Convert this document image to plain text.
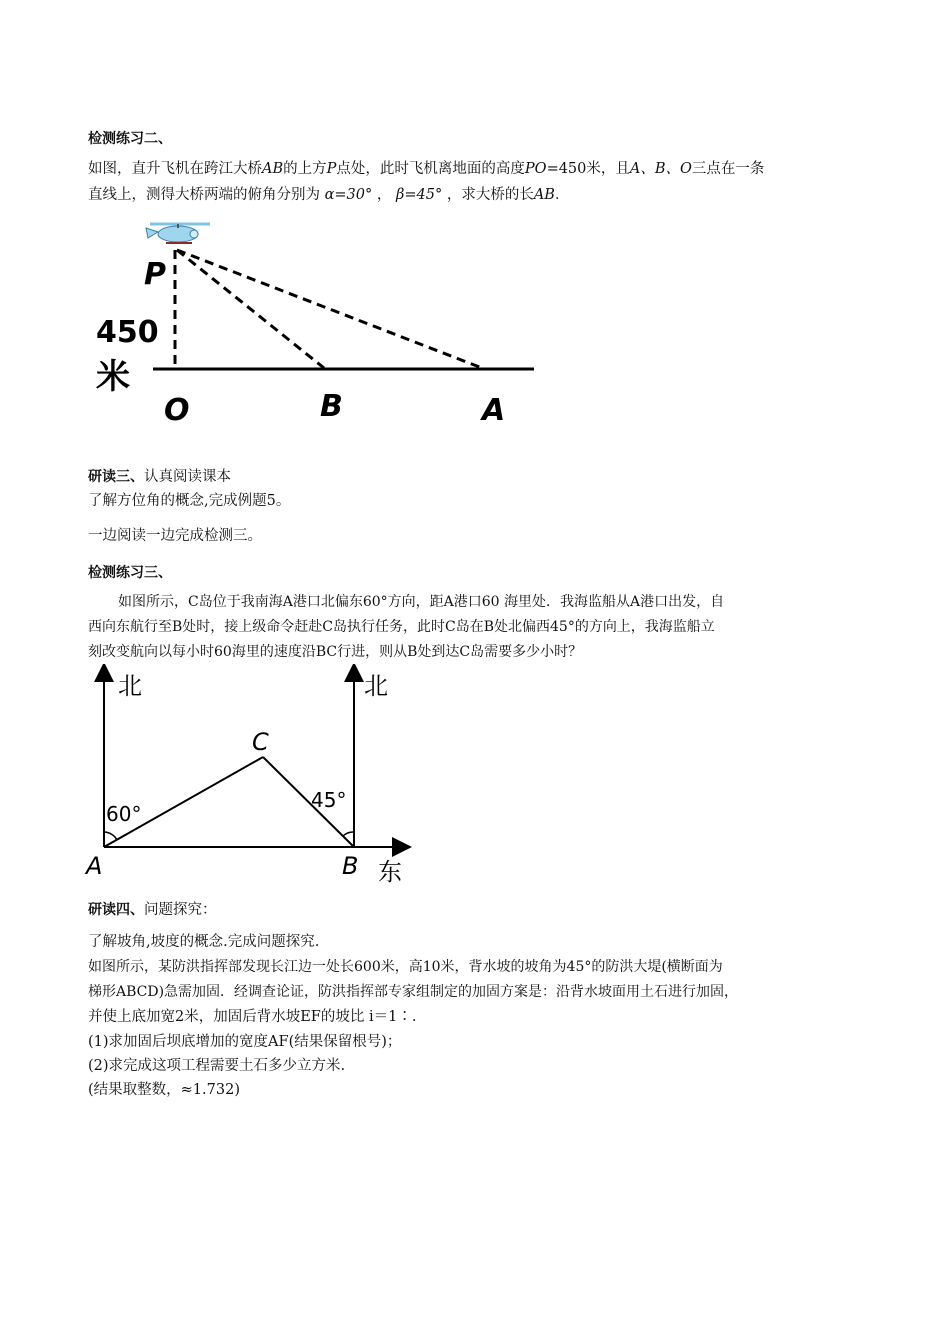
检测练习二、
如图，直升飞机在跨江大桥AB的上方P点处，此时飞机离地面的高度PO=450米，且A、B、O三点在一条
直线上，测得大桥两端的俯角分别为 α=30° ， β=45° ，求大桥的长AB．
P
450
米
O	B	A
研读三、认真阅读课本
了解方位角的概念,完成例题5。
一边阅读一边完成检测三。
检测练习三、
如图所示，C岛位于我南海A港口北偏东60°方向，距A港口60 海里处．我海监船从A港口出发，自
西向东航行至B处时，接上级命令赶赴C岛执行任务，此时C岛在B处北偏西45°的方向上，我海监船立
刻改变航向以每小时60海里的速度沿BC行进，则从B处到达C岛需要多少小时？
北	北
东
C
A	B
60°
45°
研读四、问题探究：
了解坡角,坡度的概念.完成问题探究.
如图所示，某防洪指挥部发现长江边一处长600米，高10米，背水坡的坡角为45°的防洪大堤(横断面为
梯形ABCD)急需加固．经调查论证，防洪指挥部专家组制定的加固方案是：沿背水坡面用土石进行加固，
并使上底加宽2米，加固后背水坡EF的坡比 i＝1∶.
(1)求加固后坝底增加的宽度AF(结果保留根号)；
(2)求完成这项工程需要土石多少立方米.
(结果取整数，≈1.732)
